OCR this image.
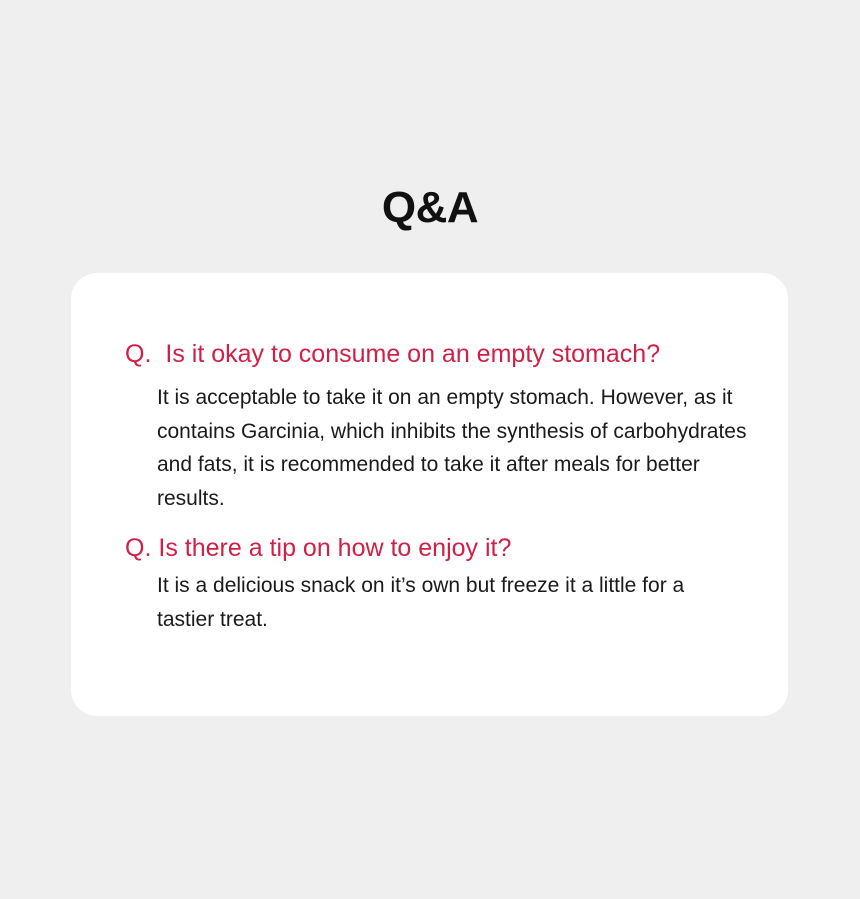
Q&A
Q. Is it okay to consume on an empty stomach?
It is acceptable to take it on an empty stomach. However, as it contains Garcinia, which inhibits the synthesis of carbohydrates and fats, it is recommended to take it after meals for better results.
Q. Is there a tip on how to enjoy it?
It is a delicious snack on it’s own but freeze it a little for a tastier treat.
